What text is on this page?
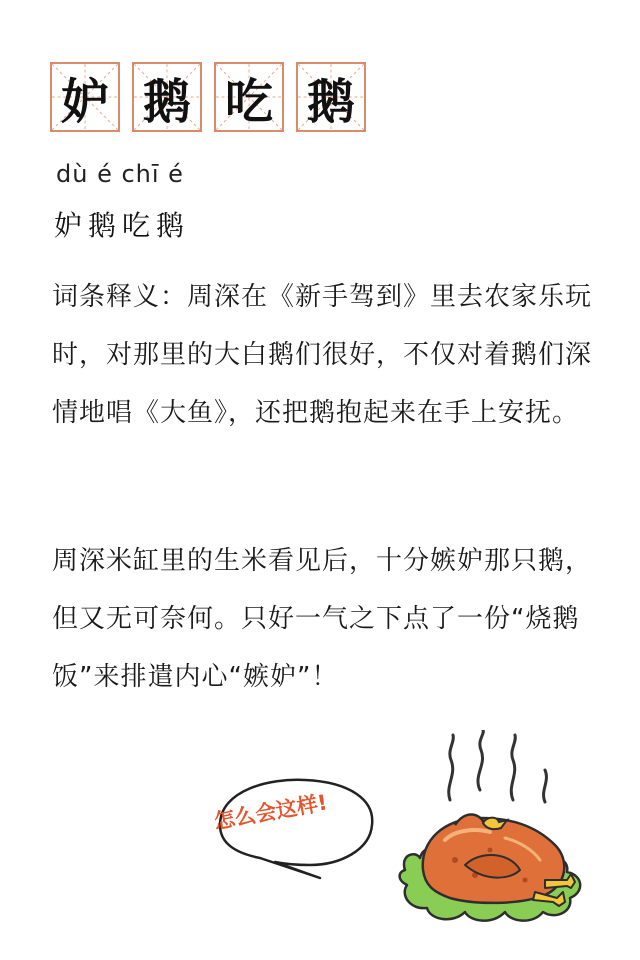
妒 鹅 吃 鹅
dù é chī é
妒鹅吃鹅
词条释义：周深在《新手驾到》里去农家乐玩时，对那里的大白鹅们很好，不仅对着鹅们深情地唱《大鱼》，还把鹅抱起来在手上安抚。
周深米缸里的生米看见后，十分嫉妒那只鹅，但又无可奈何。只好一气之下点了一份“烧鹅饭”来排遣内心“嫉妒”！
怎么会这样!
